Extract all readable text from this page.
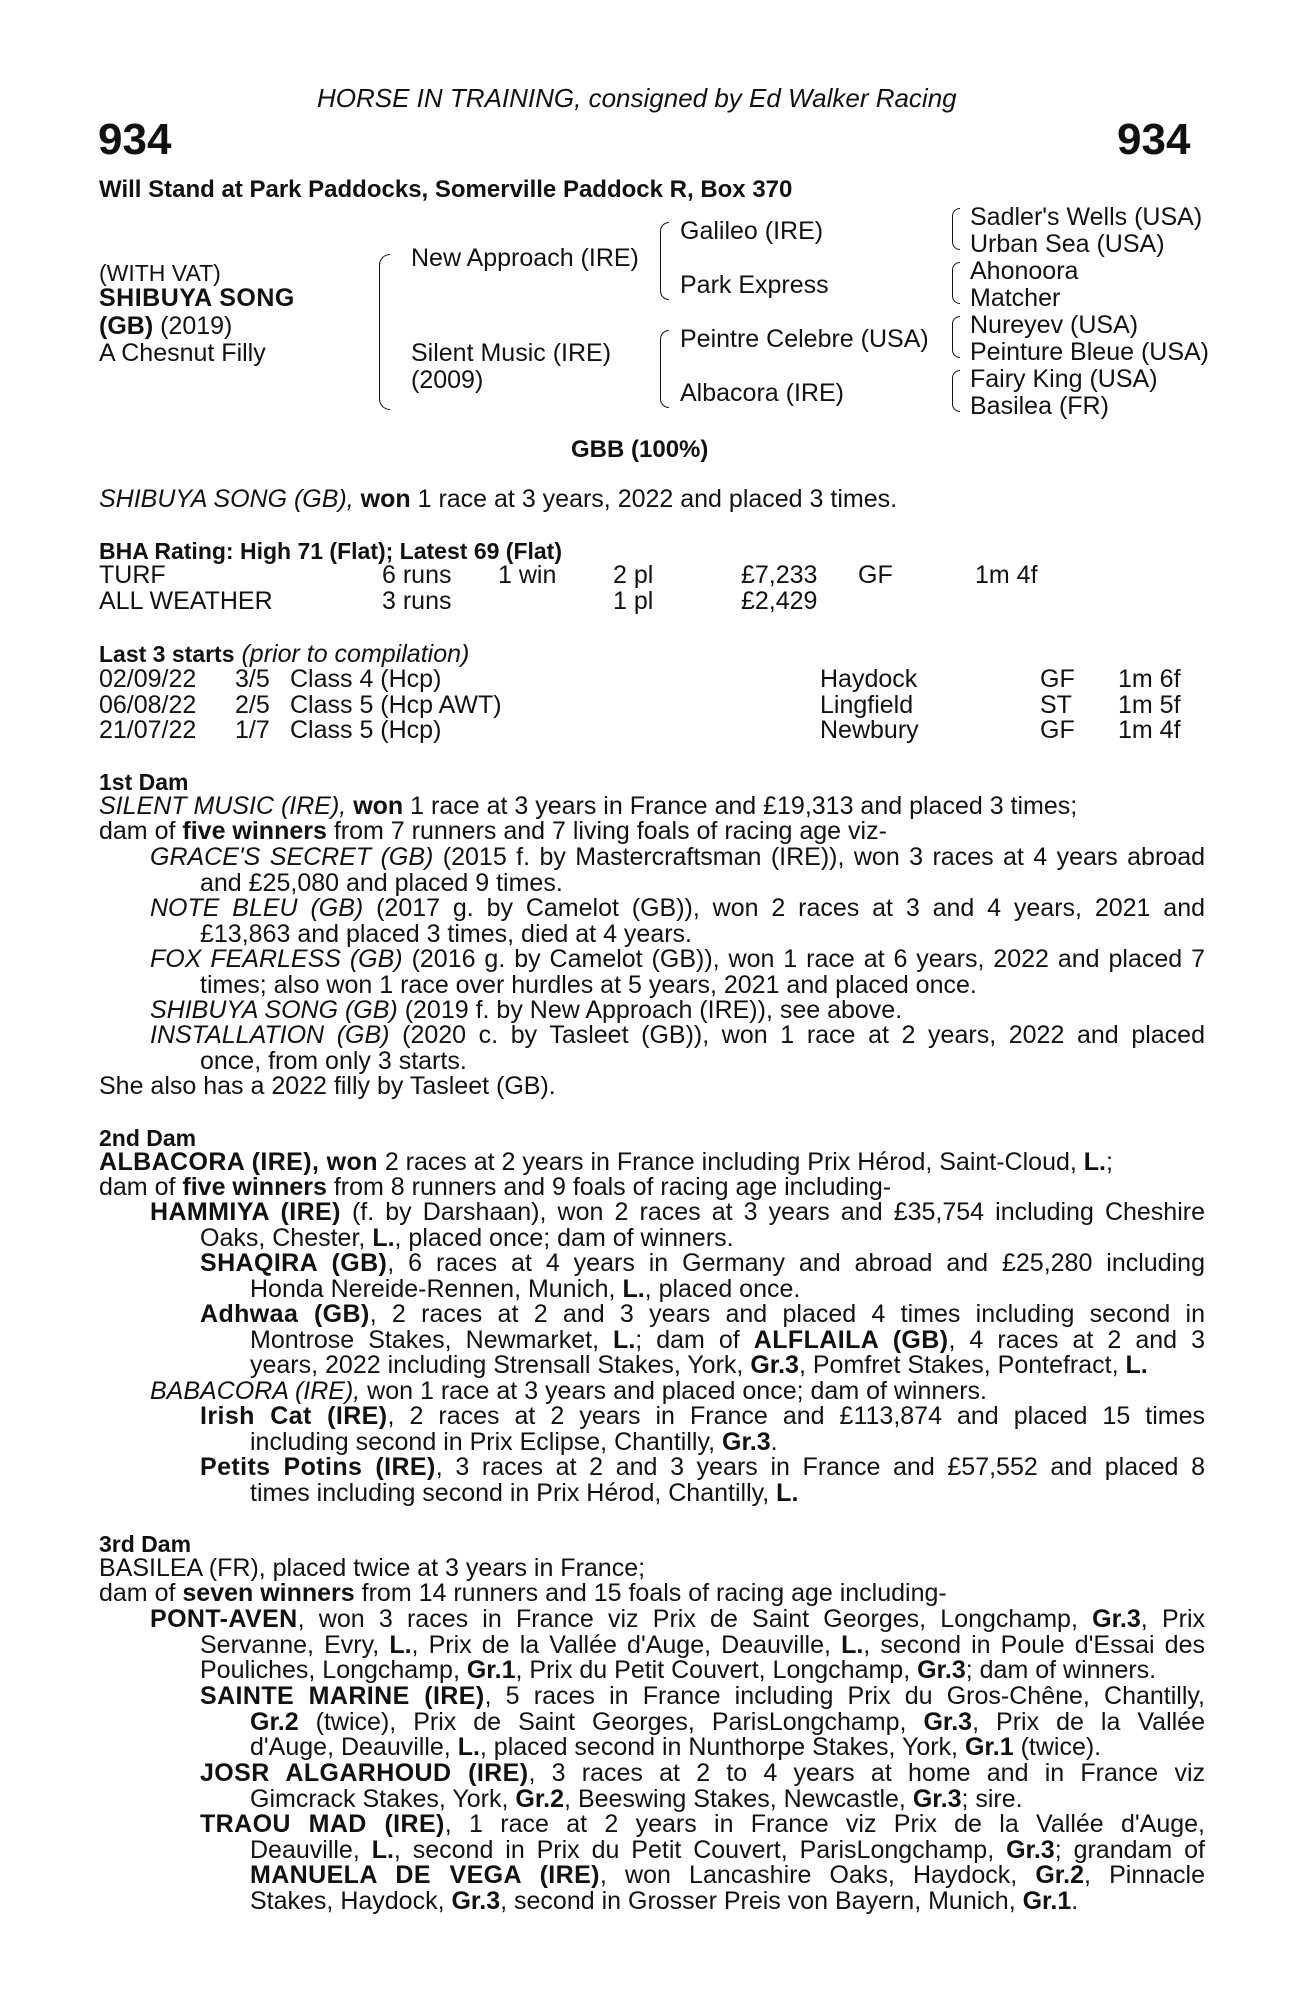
HORSE IN TRAINING, consigned by Ed Walker Racing
934	934
Will Stand at Park Paddocks, Somerville Paddock R, Box 370
(WITH VAT)
SHIBUYA SONG
(GB) (2019)
A Chesnut Filly
New Approach (IRE)
Silent Music (IRE)
(2009)
Galileo (IRE)
Park Express
Peintre Celebre (USA)
Albacora (IRE)
Sadler's Wells (USA)
Urban Sea (USA)
Ahonoora
Matcher
Nureyev (USA)
Peinture Bleue (USA)
Fairy King (USA)
Basilea (FR)
GBB (100%)
SHIBUYA SONG (GB), won 1 race at 3 years, 2022 and placed 3 times.
BHA Rating: High 71 (Flat); Latest 69 (Flat)
TURF	6 runs 1 win 2 pl	£7,233 GF	1m 4f
ALL WEATHER	3 runs	1 pl	£2,429
Last 3 starts (prior to compilation)
02/09/22 3/5 Class 4 (Hcp)	Haydock	GF 1m 6f
06/08/22 2/5 Class 5 (Hcp AWT)	Lingfield	ST 1m 5f
21/07/22 1/7 Class 5 (Hcp)	Newbury	GF 1m 4f
1st Dam
SILENT MUSIC (IRE), won 1 race at 3 years in France and £19,313 and placed 3 times;
dam of five winners from 7 runners and 7 living foals of racing age viz-
GRACE'S SECRET (GB) (2015 f. by Mastercraftsman (IRE)), won 3 races at 4 years abroad
and £25,080 and placed 9 times.
NOTE BLEU (GB) (2017 g. by Camelot (GB)), won 2 races at 3 and 4 years, 2021 and
£13,863 and placed 3 times, died at 4 years.
FOX FEARLESS (GB) (2016 g. by Camelot (GB)), won 1 race at 6 years, 2022 and placed 7
times; also won 1 race over hurdles at 5 years, 2021 and placed once.
SHIBUYA SONG (GB) (2019 f. by New Approach (IRE)), see above.
INSTALLATION (GB) (2020 c. by Tasleet (GB)), won 1 race at 2 years, 2022 and placed
once, from only 3 starts.
She also has a 2022 filly by Tasleet (GB).
2nd Dam
ALBACORA (IRE), won 2 races at 2 years in France including Prix Hérod, Saint-Cloud, L.;
dam of five winners from 8 runners and 9 foals of racing age including-
HAMMIYA (IRE) (f. by Darshaan), won 2 races at 3 years and £35,754 including Cheshire
Oaks, Chester, L., placed once; dam of winners.
SHAQIRA (GB), 6 races at 4 years in Germany and abroad and £25,280 including
Honda Nereide-Rennen, Munich, L., placed once.
Adhwaa (GB), 2 races at 2 and 3 years and placed 4 times including second in
Montrose Stakes, Newmarket, L.; dam of ALFLAILA (GB), 4 races at 2 and 3
years, 2022 including Strensall Stakes, York, Gr.3, Pomfret Stakes, Pontefract, L.
BABACORA (IRE), won 1 race at 3 years and placed once; dam of winners.
Irish Cat (IRE), 2 races at 2 years in France and £113,874 and placed 15 times
including second in Prix Eclipse, Chantilly, Gr.3.
Petits Potins (IRE), 3 races at 2 and 3 years in France and £57,552 and placed 8
times including second in Prix Hérod, Chantilly, L.
3rd Dam
BASILEA (FR), placed twice at 3 years in France;
dam of seven winners from 14 runners and 15 foals of racing age including-
PONT-AVEN, won 3 races in France viz Prix de Saint Georges, Longchamp, Gr.3, Prix
Servanne, Evry, L., Prix de la Vallée d'Auge, Deauville, L., second in Poule d'Essai des
Pouliches, Longchamp, Gr.1, Prix du Petit Couvert, Longchamp, Gr.3; dam of winners.
SAINTE MARINE (IRE), 5 races in France including Prix du Gros-Chêne, Chantilly,
Gr.2 (twice), Prix de Saint Georges, ParisLongchamp, Gr.3, Prix de la Vallée
d'Auge, Deauville, L., placed second in Nunthorpe Stakes, York, Gr.1 (twice).
JOSR ALGARHOUD (IRE), 3 races at 2 to 4 years at home and in France viz
Gimcrack Stakes, York, Gr.2, Beeswing Stakes, Newcastle, Gr.3; sire.
TRAOU MAD (IRE), 1 race at 2 years in France viz Prix de la Vallée d'Auge,
Deauville, L., second in Prix du Petit Couvert, ParisLongchamp, Gr.3; grandam of
MANUELA DE VEGA (IRE), won Lancashire Oaks, Haydock, Gr.2, Pinnacle
Stakes, Haydock, Gr.3, second in Grosser Preis von Bayern, Munich, Gr.1.
